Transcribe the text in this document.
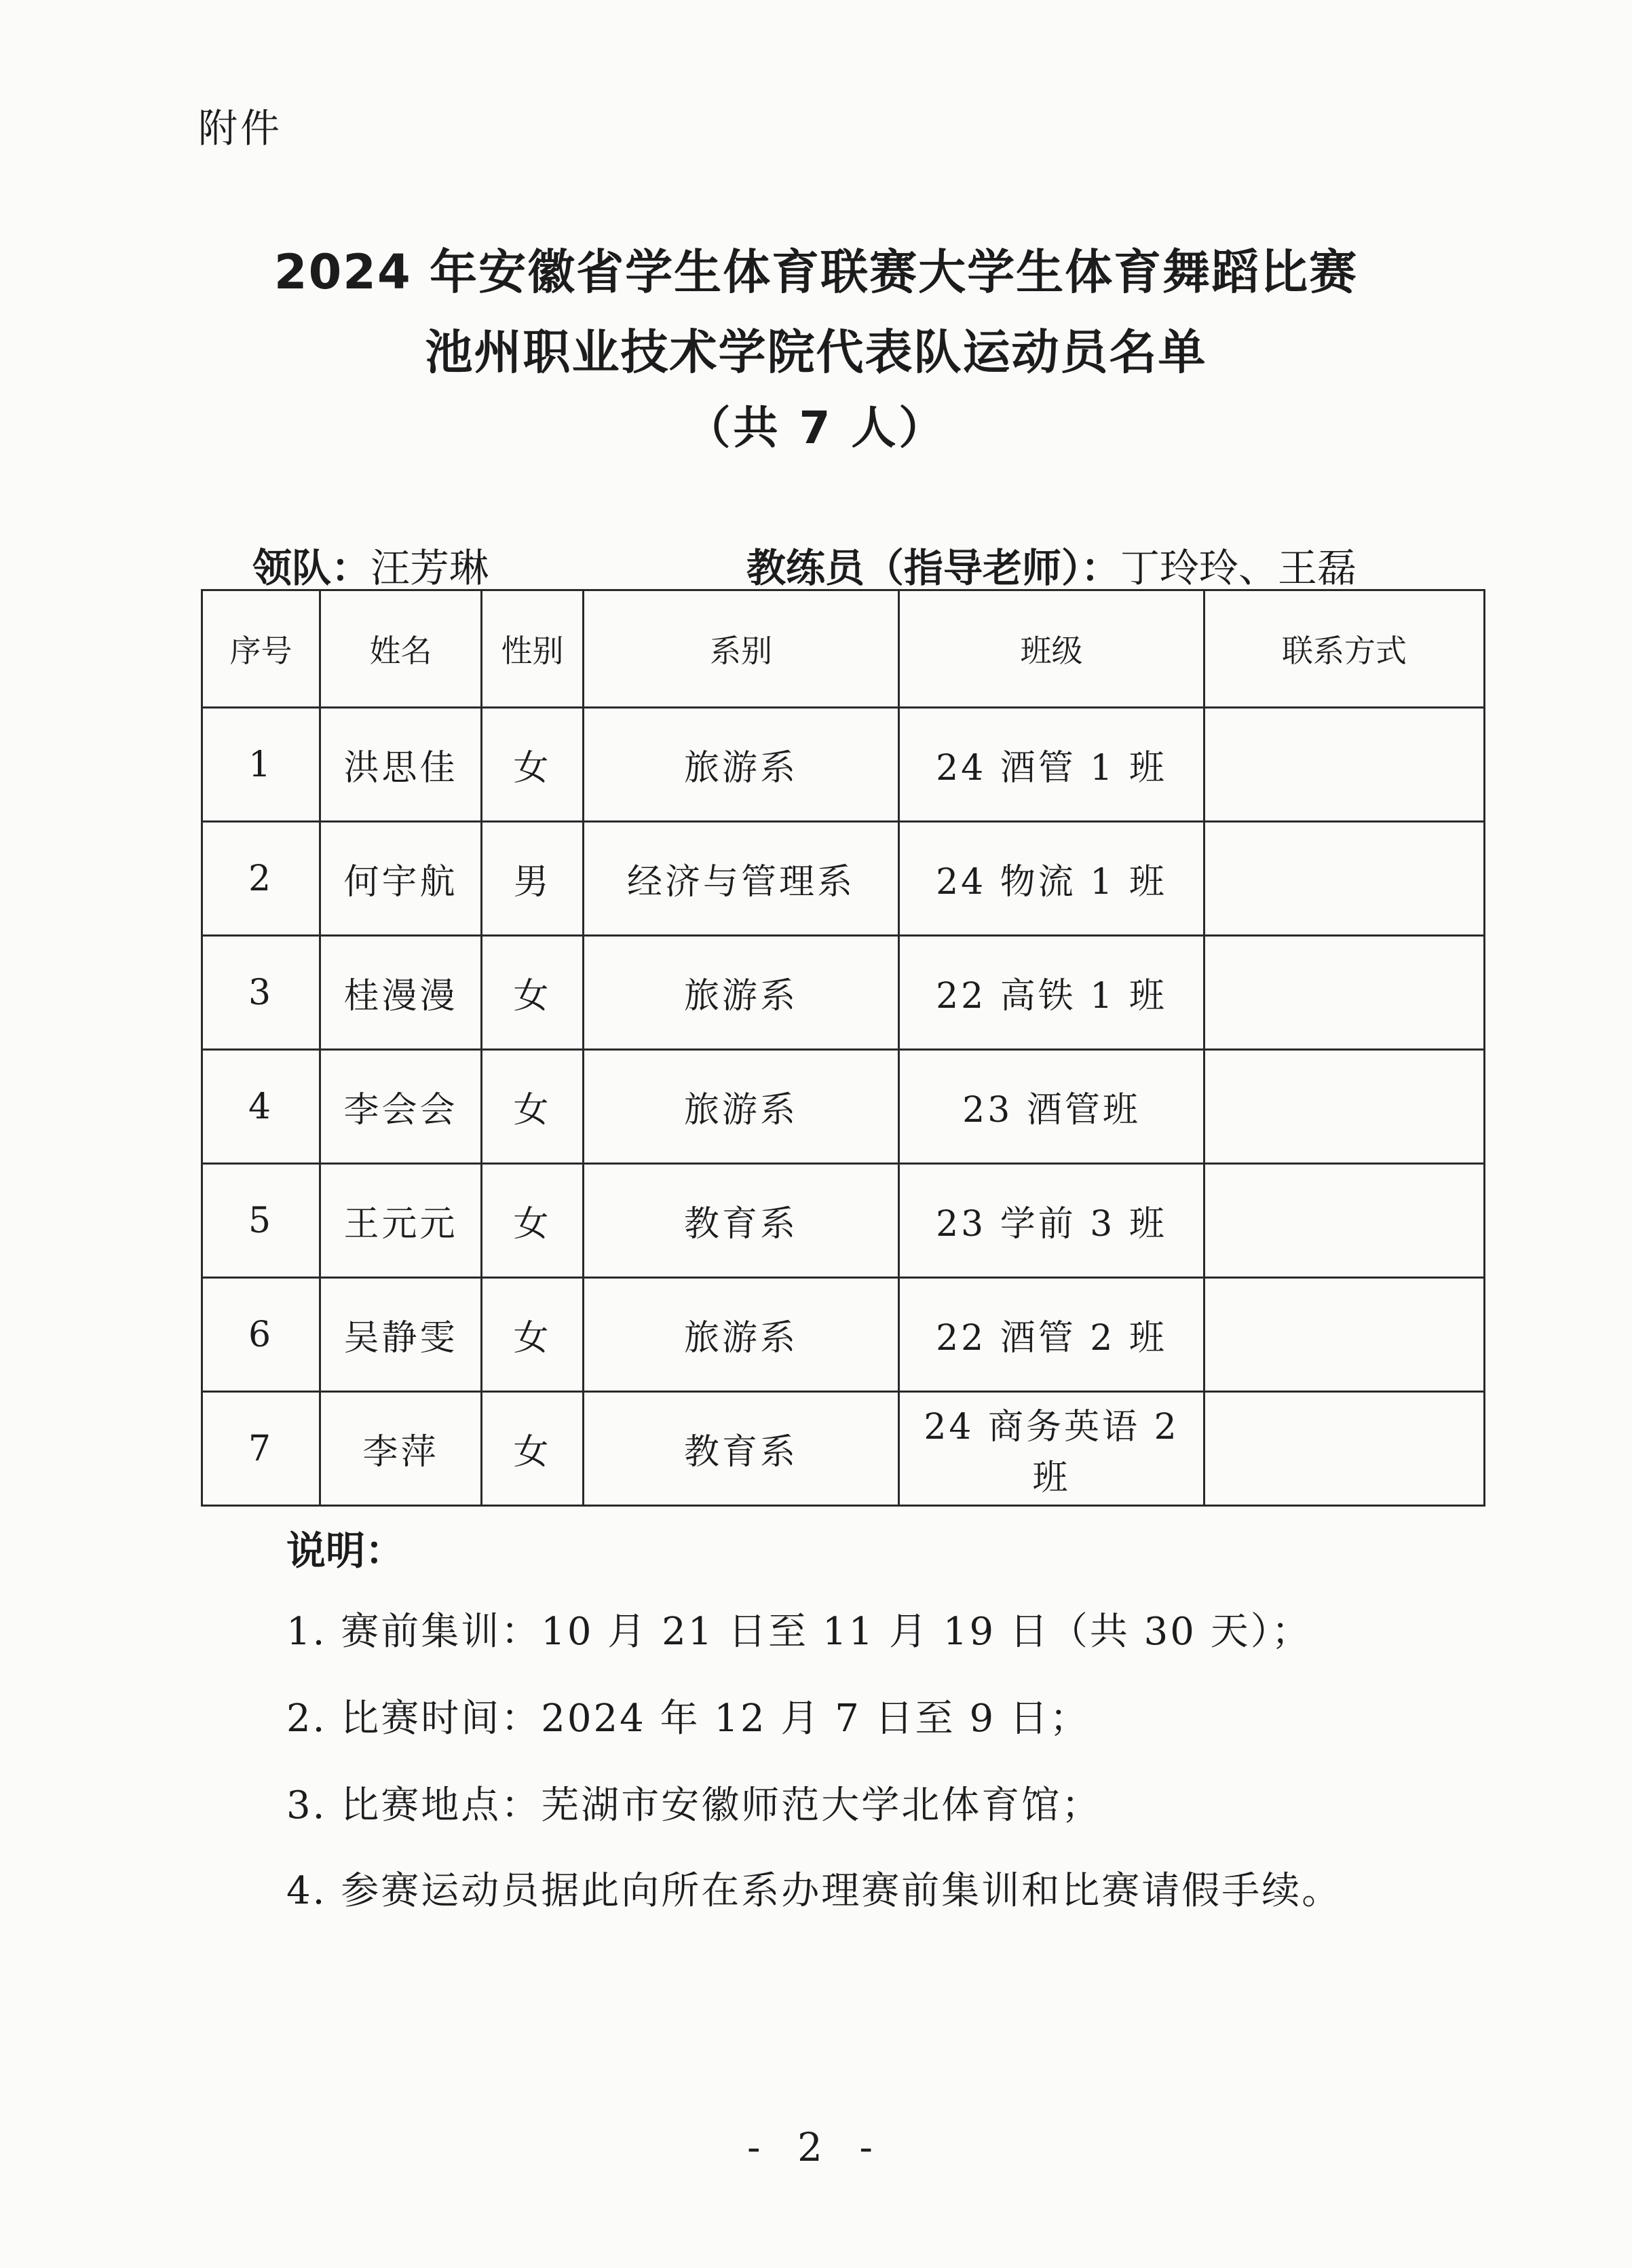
附件
2024 年安徽省学生体育联赛大学生体育舞蹈比赛
池州职业技术学院代表队运动员名单
（共 7 人）
领队：汪芳琳	教练员（指导老师）：丁玲玲、王磊
序号	姓名	性别	系别	班级	联系方式
1	洪思佳	女	旅游系	24 酒管 1 班	
2	何宇航	男	经济与管理系	24 物流 1 班	
3	桂漫漫	女	旅游系	22 高铁 1 班	
4	李会会	女	旅游系	23 酒管班	
5	王元元	女	教育系	23 学前 3 班	
6	吴静雯	女	旅游系	22 酒管 2 班	
7	李萍	女	教育系	24 商务英语 2 班	
说明：
1. 赛前集训：10 月 21 日至 11 月 19 日（共 30 天）；
2. 比赛时间：2024 年 12 月 7 日至 9 日；
3. 比赛地点：芜湖市安徽师范大学北体育馆；
4. 参赛运动员据此向所在系办理赛前集训和比赛请假手续。
- 2 -
